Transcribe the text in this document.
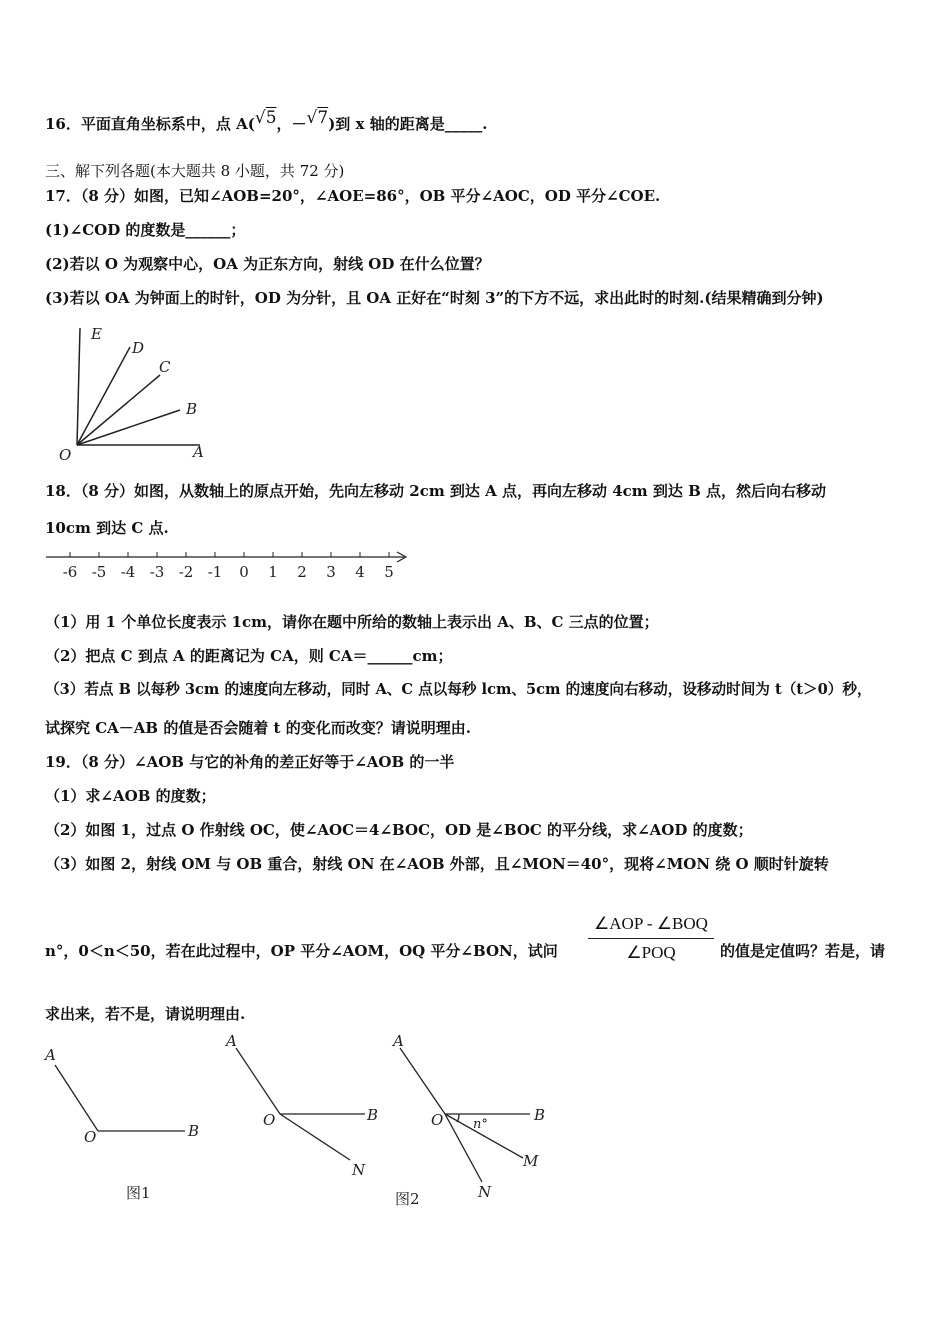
16．平面直角坐标系中，点 A(√5，－√7)到 x 轴的距离是_____.
三、解下列各题(本大题共 8 小题，共 72 分)
17．（8 分）如图，已知∠AOB=20°，∠AOE=86°，OB 平分∠AOC，OD 平分∠COE.
(1)∠COD 的度数是______；
(2)若以 O 为观察中心，OA 为正东方向，射线 OD 在什么位置？
(3)若以 OA 为钟面上的时针，OD 为分针，且 OA 正好在“时刻 3”的下方不远，求出此时的时刻.(结果精确到分钟)
E
D
C
B
O	A
18．（8 分）如图，从数轴上的原点开始，先向左移动 2cm 到达 A 点，再向左移动 4cm 到达 B 点，然后向右移动
10cm 到达 C 点.
-6 -5 -4 -3 -2 -1 0 1 2 3 4 5
（1）用 1 个单位长度表示 1cm，请你在题中所给的数轴上表示出 A、B、C 三点的位置；
（2）把点 C 到点 A 的距离记为 CA，则 CA＝______cm；
（3）若点 B 以每秒 3cm 的速度向左移动，同时 A、C 点以每秒 lcm、5cm 的速度向右移动，设移动时间为 t（t＞0）秒，
试探究 CA－AB 的值是否会随着 t 的变化而改变？请说明理由.
19．（8 分）∠AOB 与它的补角的差正好等于∠AOB 的一半
（1）求∠AOB 的度数；
（2）如图 1，过点 O 作射线 OC，使∠AOC＝4∠BOC，OD 是∠BOC 的平分线，求∠AOD 的度数；
（3）如图 2，射线 OM 与 OB 重合，射线 ON 在∠AOB 外部，且∠MON＝40°，现将∠MON 绕 O 顺时针旋转
n°，0＜n＜50，若在此过程中，OP 平分∠AOM，OQ 平分∠BON，试问
∠AOP - ∠BOQ
∠POQ	的值是定值吗？若是，请
求出来，若不是，请说明理由.
A
O	B
图1
A
O	B
N
A
O n°
B
M
N
图2
